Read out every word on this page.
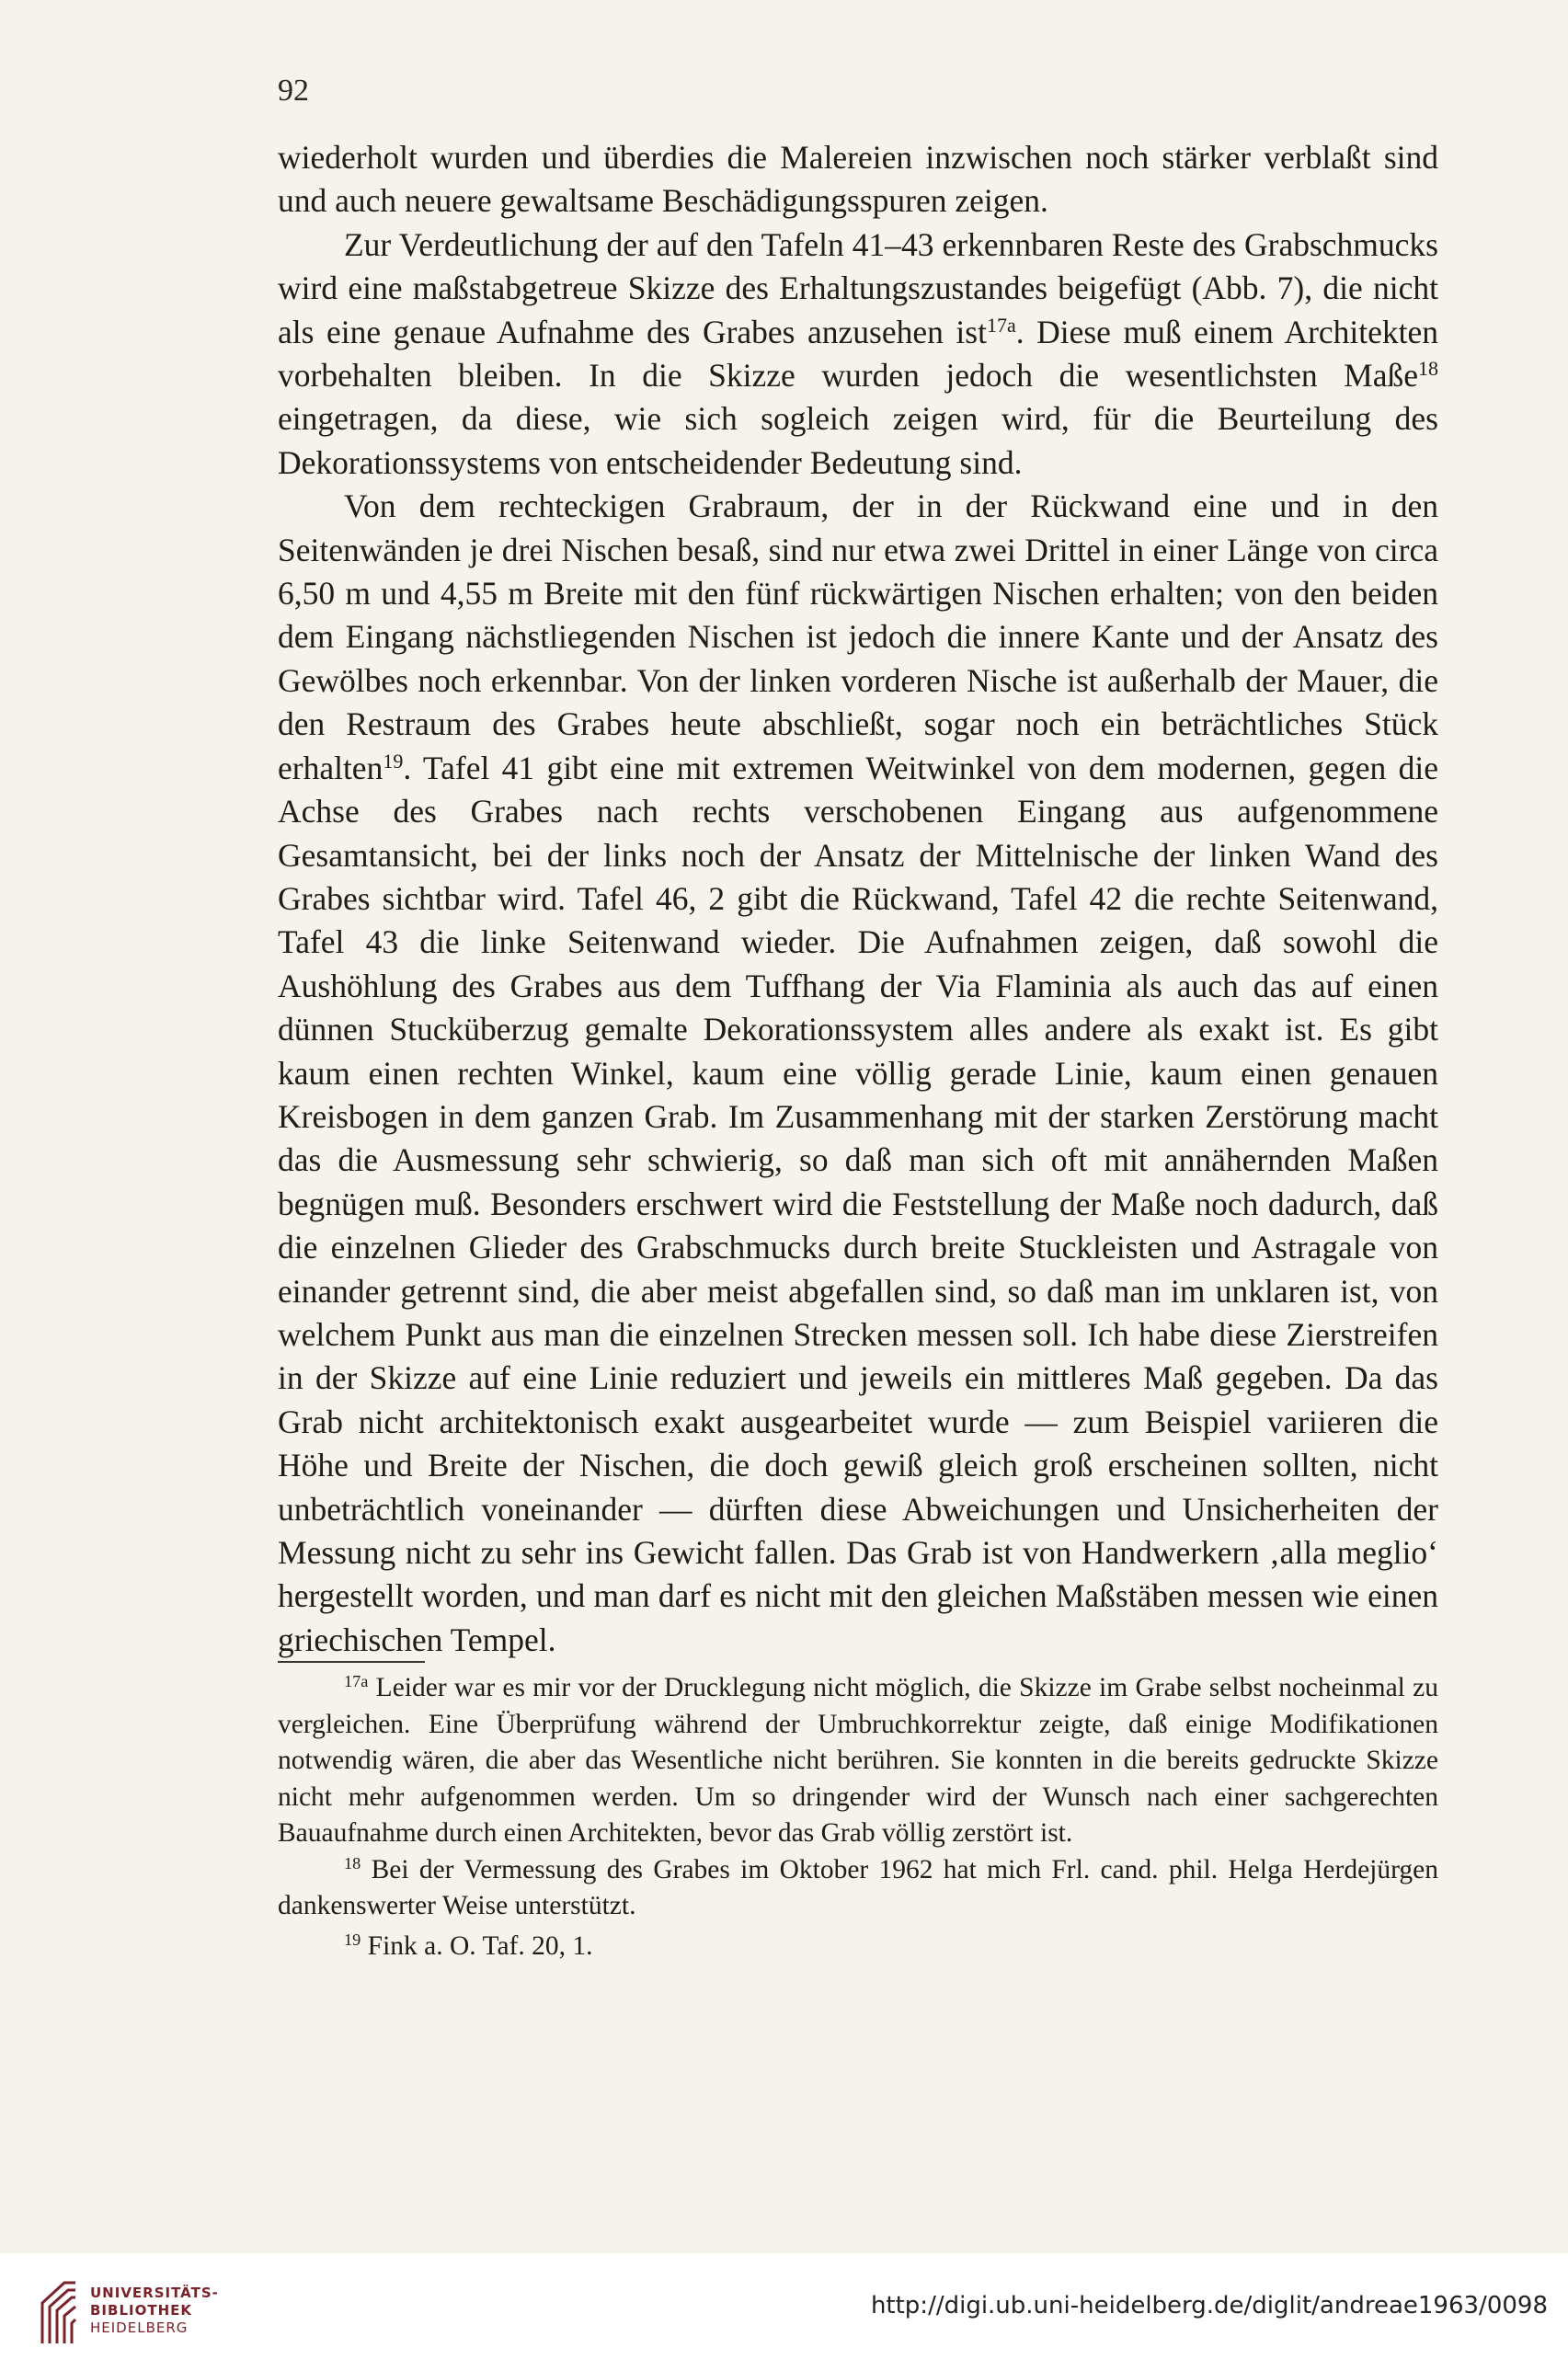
92

wiederholt wurden und überdies die Malereien inzwischen noch stärker verblaßt sind und auch neuere gewaltsame Beschädigungsspuren zeigen.

Zur Verdeutlichung der auf den Tafeln 41–43 erkennbaren Reste des Grabschmucks wird eine maßstabgetreue Skizze des Erhaltungszustandes beigefügt (Abb. 7), die nicht als eine genaue Aufnahme des Grabes anzusehen ist$^{17a}$. Diese muß einem Architekten vorbehalten bleiben. In die Skizze wurden jedoch die wesentlichsten Maße$^{18}$ eingetragen, da diese, wie sich sogleich zeigen wird, für die Beurteilung des Dekorationssystems von entscheidender Bedeutung sind.

Von dem rechteckigen Grabraum, der in der Rückwand eine und in den Seitenwänden je drei Nischen besaß, sind nur etwa zwei Drittel in einer Länge von circa 6,50 m und 4,55 m Breite mit den fünf rückwärtigen Nischen erhalten; von den beiden dem Eingang nächstliegenden Nischen ist jedoch die innere Kante und der Ansatz des Gewölbes noch erkennbar. Von der linken vorderen Nische ist außerhalb der Mauer, die den Restraum des Grabes heute abschließt, sogar noch ein beträchtliches Stück erhalten$^{19}$. Tafel 41 gibt eine mit extremen Weitwinkel von dem modernen, gegen die Achse des Grabes nach rechts verschobenen Eingang aus aufgenommene Gesamtansicht, bei der links noch der Ansatz der Mittelnische der linken Wand des Grabes sichtbar wird. Tafel 46, 2 gibt die Rückwand, Tafel 42 die rechte Seitenwand, Tafel 43 die linke Seitenwand wieder. Die Aufnahmen zeigen, daß sowohl die Aushöhlung des Grabes aus dem Tuffhang der Via Flaminia als auch das auf einen dünnen Stucküberzug gemalte Dekorationssystem alles andere als exakt ist. Es gibt kaum einen rechten Winkel, kaum eine völlig gerade Linie, kaum einen genauen Kreisbogen in dem ganzen Grab. Im Zusammenhang mit der starken Zerstörung macht das die Ausmessung sehr schwierig, so daß man sich oft mit annähernden Maßen begnügen muß. Besonders erschwert wird die Feststellung der Maße noch dadurch, daß die einzelnen Glieder des Grabschmucks durch breite Stuckleisten und Astragale von einander getrennt sind, die aber meist abgefallen sind, so daß man im unklaren ist, von welchem Punkt aus man die einzelnen Strecken messen soll. Ich habe diese Zierstreifen in der Skizze auf eine Linie reduziert und jeweils ein mittleres Maß gegeben. Da das Grab nicht architektonisch exakt ausgearbeitet wurde — zum Beispiel variieren die Höhe und Breite der Nischen, die doch gewiß gleich groß erscheinen sollten, nicht unbeträchtlich voneinander — dürften diese Abweichungen und Unsicherheiten der Messung nicht zu sehr ins Gewicht fallen. Das Grab ist von Handwerkern ‚alla meglio‘ hergestellt worden, und man darf es nicht mit den gleichen Maßstäben messen wie einen griechischen Tempel.

$^{17a}$ Leider war es mir vor der Drucklegung nicht möglich, die Skizze im Grabe selbst nocheinmal zu vergleichen. Eine Überprüfung während der Umbruchkorrektur zeigte, daß einige Modifikationen notwendig wären, die aber das Wesentliche nicht berühren. Sie konnten in die bereits gedruckte Skizze nicht mehr aufgenommen werden. Um so dringender wird der Wunsch nach einer sachgerechten Bauaufnahme durch einen Architekten, bevor das Grab völlig zerstört ist.

$^{18}$ Bei der Vermessung des Grabes im Oktober 1962 hat mich Frl. cand. phil. Helga Herdejürgen dankenswerter Weise unterstützt.

$^{19}$ Fink a. O. Taf. 20, 1.

UNIVERSITÄTS-
BIBLIOTHEK
HEIDELBERG
http://digi.ub.uni-heidelberg.de/diglit/andreae1963/0098
